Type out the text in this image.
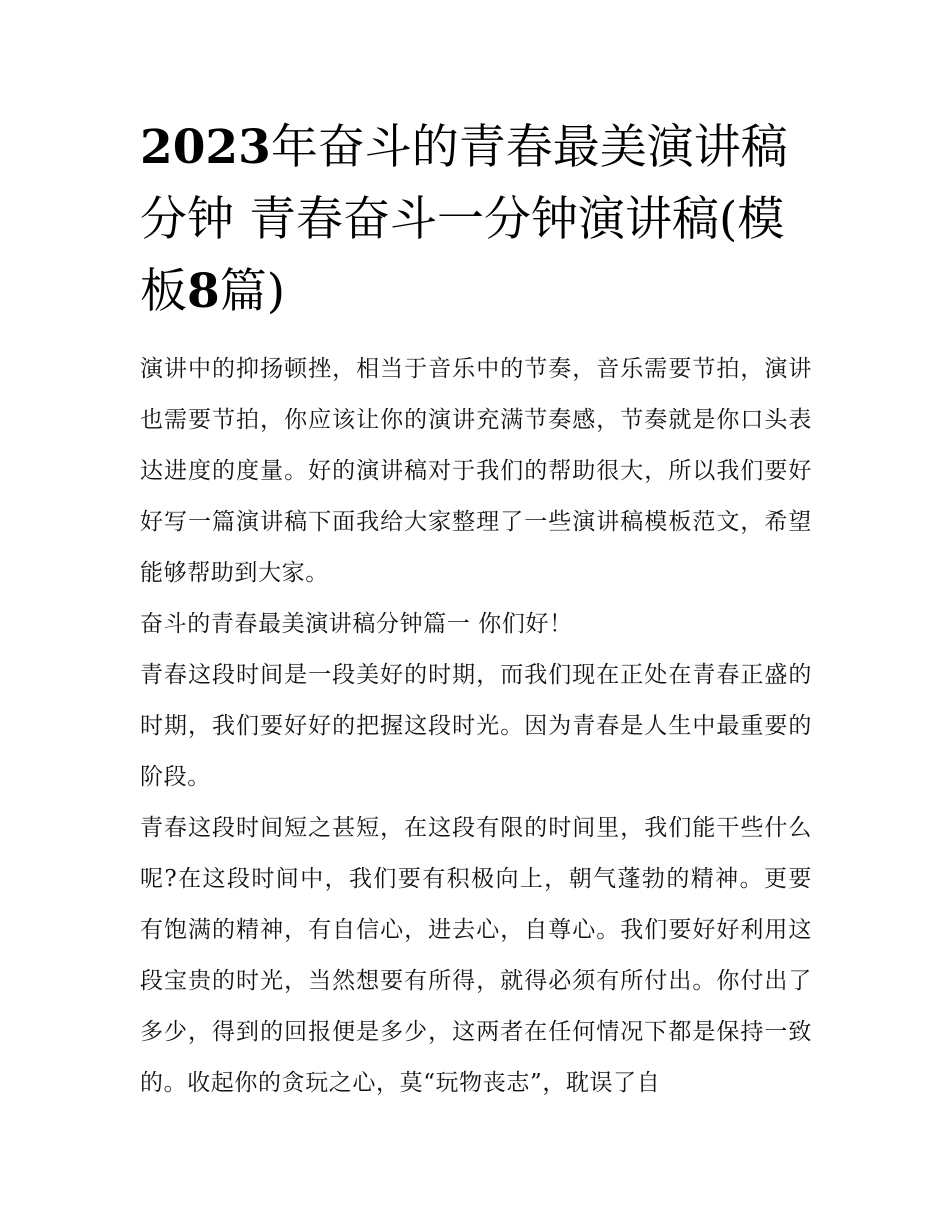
2023年奋斗的青春最美演讲稿分钟 青春奋斗一分钟演讲稿(模板8篇)

演讲中的抑扬顿挫，相当于音乐中的节奏，音乐需要节拍，演讲也需要节拍，你应该让你的演讲充满节奏感，节奏就是你口头表达进度的度量。好的演讲稿对于我们的帮助很大，所以我们要好好写一篇演讲稿下面我给大家整理了一些演讲稿模板范文，希望能够帮助到大家。

奋斗的青春最美演讲稿分钟篇一 你们好！

青春这段时间是一段美好的时期，而我们现在正处在青春正盛的时期，我们要好好的把握这段时光。因为青春是人生中最重要的阶段。

青春这段时间短之甚短，在这段有限的时间里，我们能干些什么呢?在这段时间中，我们要有积极向上，朝气蓬勃的精神。更要有饱满的精神，有自信心，进去心，自尊心。我们要好好利用这段宝贵的时光，当然想要有所得，就得必须有所付出。你付出了多少，得到的回报便是多少，这两者在任何情况下都是保持一致的。收起你的贪玩之心，莫“玩物丧志”，耽误了自
